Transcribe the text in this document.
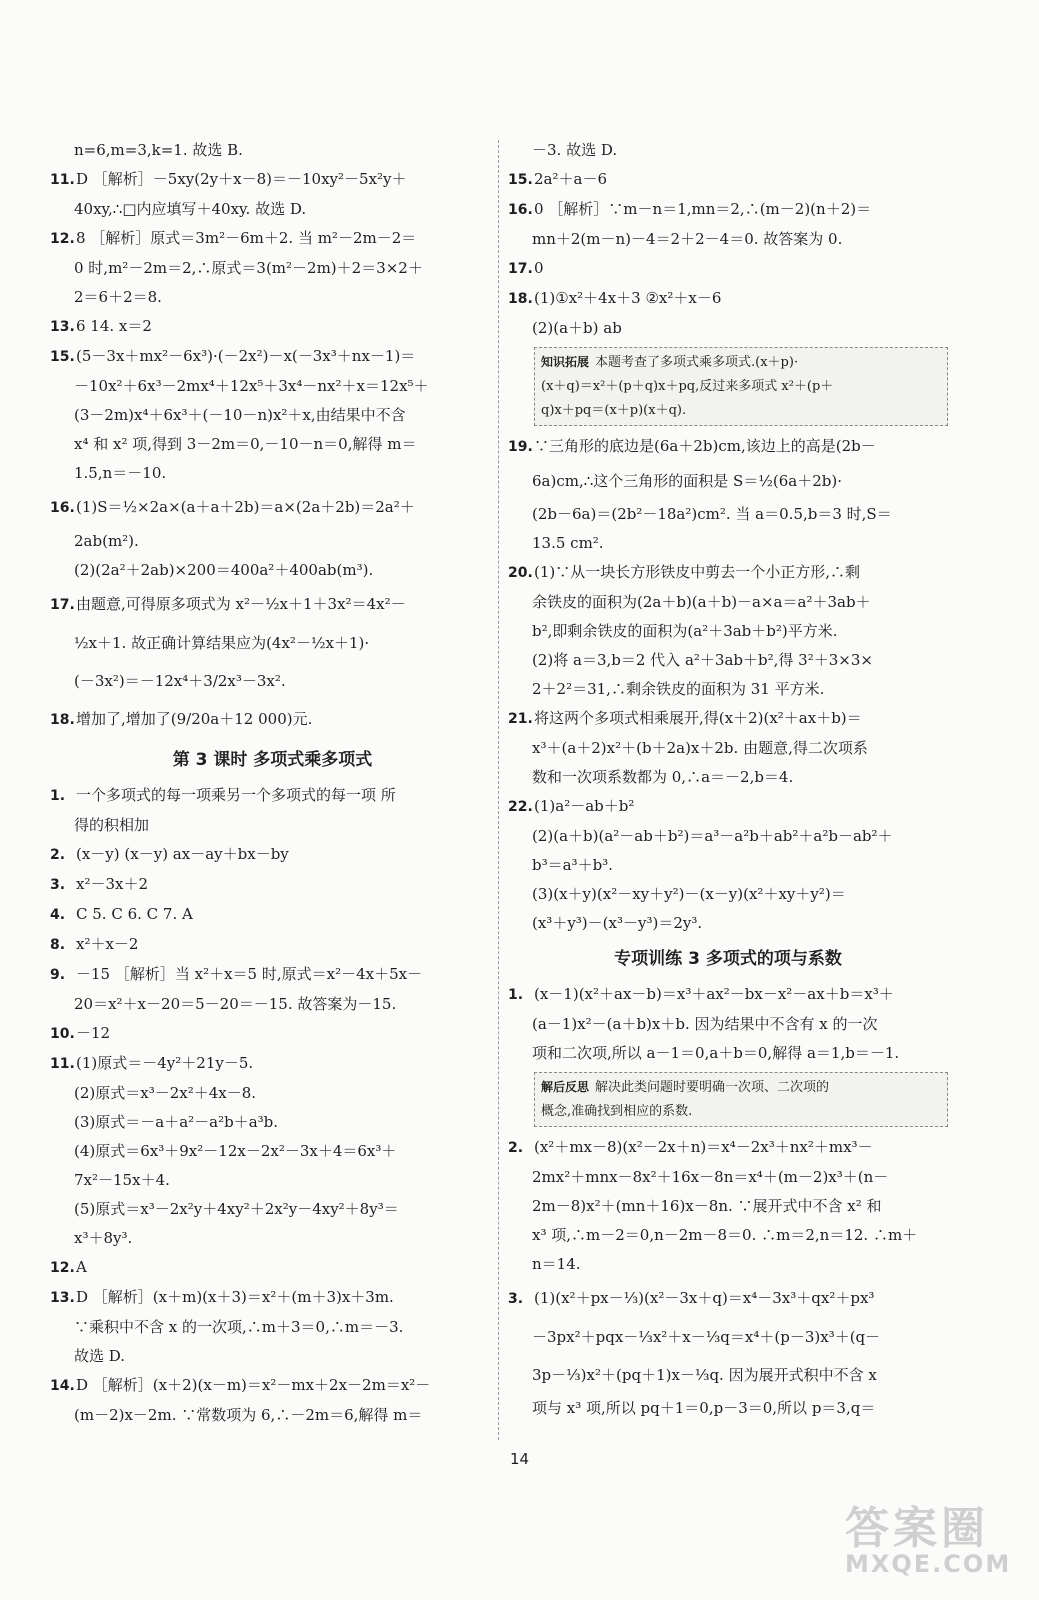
n=6,m=3,k=1. 故选 B.
11.D ［解析］－5xy(2y＋x－8)＝－10xy²－5x²y＋
40xy,∴□内应填写＋40xy. 故选 D.
12.8 ［解析］原式＝3m²－6m＋2. 当 m²－2m－2＝
0 时,m²－2m＝2,∴原式＝3(m²－2m)＋2＝3×2＋
2＝6＋2＝8.
13.6 14. x＝2
15.(5－3x＋mx²－6x³)·(－2x²)－x(－3x³＋nx－1)＝
－10x²＋6x³－2mx⁴＋12x⁵＋3x⁴－nx²＋x＝12x⁵＋
(3－2m)x⁴＋6x³＋(－10－n)x²＋x,由结果中不含
x⁴ 和 x² 项,得到 3－2m＝0,－10－n＝0,解得 m＝
1.5,n＝－10.
16.(1)S＝½×2a×(a＋a＋2b)＝a×(2a＋2b)＝2a²＋
2ab(m²).
(2)(2a²＋2ab)×200＝400a²＋400ab(m³).
17.由题意,可得原多项式为 x²－½x＋1＋3x²＝4x²－
½x＋1. 故正确计算结果应为(4x²－½x＋1)·
(－3x²)＝－12x⁴＋3/2x³－3x².
18.增加了,增加了(9/20a＋12 000)元.
第 3 课时 多项式乘多项式
1. 一个多项式的每一项乘另一个多项式的每一项 所
得的积相加
2. (x－y) (x－y) ax－ay＋bx－by
3. x²－3x＋2
4. C 5. C 6. C 7. A
8. x²＋x－2
9. －15 ［解析］当 x²＋x＝5 时,原式＝x²－4x＋5x－
20＝x²＋x－20＝5－20＝－15. 故答案为－15.
10.－12
11.(1)原式＝－4y²＋21y－5.
(2)原式＝x³－2x²＋4x－8.
(3)原式＝－a＋a²－a²b＋a³b.
(4)原式＝6x³＋9x²－12x－2x²－3x＋4＝6x³＋
7x²－15x＋4.
(5)原式＝x³－2x²y＋4xy²＋2x²y－4xy²＋8y³＝
x³＋8y³.
12.A
13.D ［解析］(x＋m)(x＋3)＝x²＋(m＋3)x＋3m.
∵乘积中不含 x 的一次项,∴m＋3＝0,∴m＝－3.
故选 D.
14.D ［解析］(x＋2)(x－m)＝x²－mx＋2x－2m＝x²－
(m－2)x－2m. ∵常数项为 6,∴－2m＝6,解得 m＝
－3. 故选 D.
15.2a²＋a－6
16.0 ［解析］∵m－n＝1,mn＝2,∴(m－2)(n＋2)＝
mn＋2(m－n)－4＝2＋2－4＝0. 故答案为 0.
17.0
18.(1)①x²＋4x＋3 ②x²＋x－6
(2)(a＋b) ab
知识拓展 本题考查了多项式乘多项式.(x＋p)·
(x＋q)＝x²＋(p＋q)x＋pq,反过来多项式 x²＋(p＋
q)x＋pq＝(x＋p)(x＋q).
19.∵三角形的底边是(6a＋2b)cm,该边上的高是(2b－
6a)cm,∴这个三角形的面积是 S＝½(6a＋2b)·
(2b－6a)＝(2b²－18a²)cm². 当 a＝0.5,b＝3 时,S＝
13.5 cm².
20.(1)∵从一块长方形铁皮中剪去一个小正方形,∴剩
余铁皮的面积为(2a＋b)(a＋b)－a×a＝a²＋3ab＋
b²,即剩余铁皮的面积为(a²＋3ab＋b²)平方米.
(2)将 a＝3,b＝2 代入 a²＋3ab＋b²,得 3²＋3×3×
2＋2²＝31,∴剩余铁皮的面积为 31 平方米.
21.将这两个多项式相乘展开,得(x＋2)(x²＋ax＋b)＝
x³＋(a＋2)x²＋(b＋2a)x＋2b. 由题意,得二次项系
数和一次项系数都为 0,∴a＝－2,b＝4.
22.(1)a²－ab＋b²
(2)(a＋b)(a²－ab＋b²)＝a³－a²b＋ab²＋a²b－ab²＋
b³＝a³＋b³.
(3)(x＋y)(x²－xy＋y²)－(x－y)(x²＋xy＋y²)＝
(x³＋y³)－(x³－y³)＝2y³.
专项训练 3 多项式的项与系数
1. (x－1)(x²＋ax－b)＝x³＋ax²－bx－x²－ax＋b＝x³＋
(a－1)x²－(a＋b)x＋b. 因为结果中不含有 x 的一次
项和二次项,所以 a－1＝0,a＋b＝0,解得 a＝1,b＝－1.
解后反思 解决此类问题时要明确一次项、二次项的
概念,准确找到相应的系数.
2. (x²＋mx－8)(x²－2x＋n)＝x⁴－2x³＋nx²＋mx³－
2mx²＋mnx－8x²＋16x－8n＝x⁴＋(m－2)x³＋(n－
2m－8)x²＋(mn＋16)x－8n. ∵展开式中不含 x² 和
x³ 项,∴m－2＝0,n－2m－8＝0. ∴m＝2,n＝12. ∴m＋
n＝14.
3. (1)(x²＋px－⅓)(x²－3x＋q)＝x⁴－3x³＋qx²＋px³
－3px²＋pqx－⅓x²＋x－⅓q＝x⁴＋(p－3)x³＋(q－
3p－⅓)x²＋(pq＋1)x－⅓q. 因为展开式积中不含 x
项与 x³ 项,所以 pq＋1＝0,p－3＝0,所以 p＝3,q＝
14
答案圈
MXQE.COM
